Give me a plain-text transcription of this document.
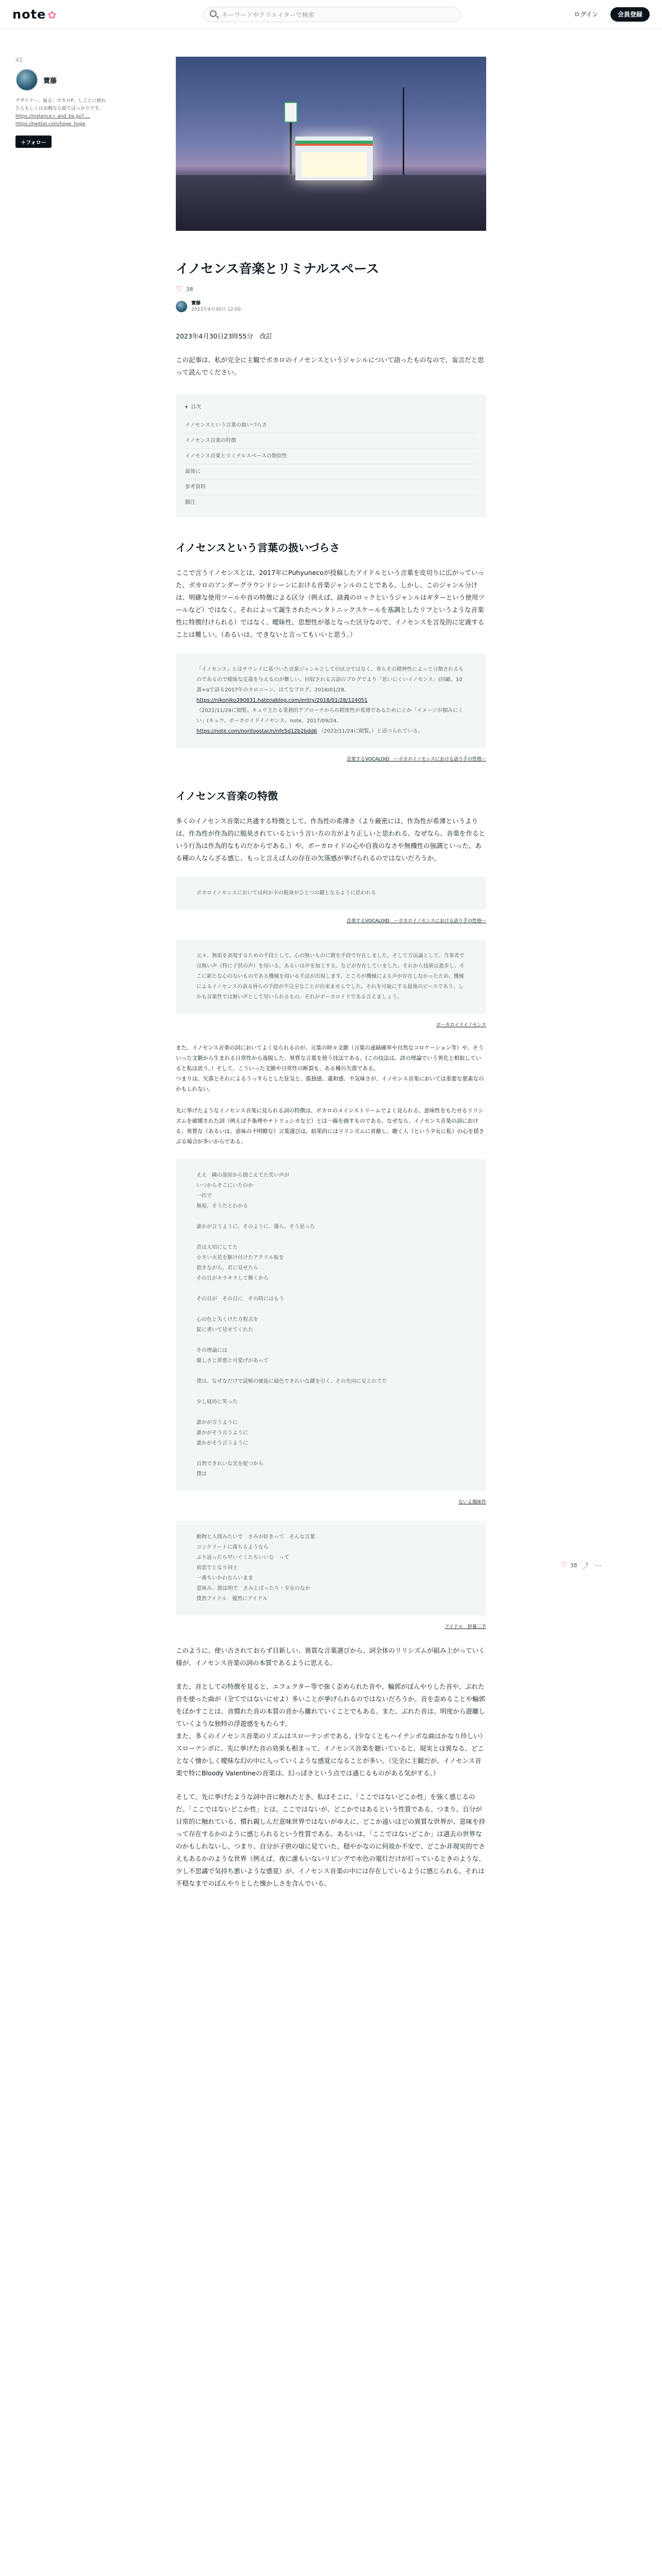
note ✿
キーワードやクリエイターで検索	ログイン	会員登録
41
寶藤
デザイナー。寝る、ボカロP。しごとに疲れたらもしくはお暇なら寝てばっかりです。
https://instance.r_and_be.jp/?....
https://twitter.com/hoge_hoge
＋フォロー
イノセンス音楽とリミナルスペース
♡ 38
寶藤
2023年4月30日 12:00

2023年4月30日23時55分　改訂

この記事は、私が完全に主観でボカロのイノセンスというジャンルについて語ったものなので、妄言だと思って読んでください。

▾ 目次
イノセンスという言葉の扱いづらさ
イノセンス音楽の特徴
イノセンス音楽とリミナルスペースの類似性
最後に
参考資料
脚注
イノセンスという言葉の扱いづらさ

ここで言うイノセンスとは、2017年にPuhyunecoが投稿したアイドルという言葉を皮切りに広がっていった、ボカロのアンダーグラウンドシーンにおける音楽ジャンルのことである。しかし、このジャンル分けは、明確な使用ツールや音の特徴による区分（例えば、談義のロックというジャンルはギターという使用ツールなど）ではなく、それによって誕生されたペンタトニックスケールを基調としたリフというような音楽性に特徴付けられる）ではなく、曖昧性、思想性が基となった区分なので、イノセンスを言及的に定義することは難しい。（あるいは、できないと言ってもいいと思う。）

「イノセンス」とはサウンドに基づいた音楽ジャンルとしての区分ではなく、専らその精神性によって分類されるものであるので曖昧な定義を与えるのが難しい。回収される言語のブログでより「思いにくいイノセンス」(回顧、10選+αで語る2017年のカロニーン、はてなブログ、2018/01/28、
https://nikoniko390831.hatenablog.com/entry/2018/01/28/124051
（2022/11/24に閲覧。キュウ主たる業務的アプローチからの精密性が希薄であるためにとか「イメージが掴みにくい」(キュウ、ボーカロイドイノセンス、note、2017/09/24、
https://note.com/noritoostar/n/nfe5d12b2bdd6 （2022/11/24に閲覧。）と述べられている。
音楽するVOCALOID　ーボカロイノセンスにおける語り手の性格ー
イノセンス音楽の特徴

多くのイノセンス音楽に共通する特徴として、作為性の希薄さ（より厳密には、作為性が希薄というよりは、作為性が作為的に脱臭されているという言い方の方がより正しいと思われる。なぜなら、音楽を作るという行為は作為的なものだからである。）や、ボーカロイドの心や自我のなさや無機性の強調といった、ある種の人ならざる感じ、もっと言えば人の存在の欠落感が挙げられるのではないだろうか。

ボカロイノセンスにおいては何か辛の脱身がひとつの鍵となるように思われる
音楽するVOCALOID　ーボカロイノセンスにおける語り手の性格ー
元々、無垢を表現するための手段として、心の無いものに歌を手段で存在しました。そして方法論として、当事者では無い声（特に子供の声）を用いる。あるいは声を加工する、などが存在していました。それから技術は進歩し、そこに新たな心のないものである機械を用いる手法が出現します。ところが機械による声が存在しなかったため、機械によるイノセンスの表る唇らの手段が不完全なことが出来ませんでした。それを可能にする最後のピースであり、しかも音楽性では無い声として用いられるもの、それがボーカロイドである言えましょう。
ボーカロイドイノセンス

また、イノセンス音楽の詞においてよく見られるのが、言葉の時々文脈（言葉の連絡確率や自然なコロケーション等）や、そういった文脈から生まれる日常性から逸脱した、異質な言葉を使う技法である。(この技法は、詩の理論でいう異化と相似していると私は思う。）そして、こういった文脈や日常性の断裂も、ある種の欠落である。

つまりは、欠落とそれによるうっすらとした狂気と、孤独感、違和感、不気味さが、イノセンス音楽においては重要な要素なのかもしれない。

先に挙げたようなイノセンス音楽に見られる詞の特徴は、ボカロのメインストリームでよく見られる、意味性をもたせるリリシズムを破壊された詞（例えば不条理やナトリュシカなど）とは一線を画すものである。なぜなら、イノセンス音楽の詞における、異質な（あるいは、意味の不明瞭な）言葉選びは、結果的にはリリシズムに貢献し、聴く人（という少女に私）の心を揺さぶる場合が多いからである。

ええ　隣の部屋から聞こえてた笑い声が
いつからそこにいたのか
一匹で
無垢。そうだとわかる
誰かが言うように、そのように、優ら。そう思った
昔は大切にしてた
小さい火花を駆け付けたアクリル板を
抱きながら、君に見せたら
その目がキラキラして輝くから
その目が　その目に　その時にはもう
心の色と失くけた方程式を
錠に書いて見せてくれた
その理論には
優しさと罪悪と可愛げがあって
僕は、なぜなだけで読解の硬能に縁色できれいな鍵を引く、その先向に見とれてた
少し寝坊に笑った
誰かが言うように
誰かがそう言うように
誰かがそう言うように
自然できれいな光を捉つから
僕は
ないよ風味作
動物と人間みたいで　さみが好きって　そんな言葉
コンクリートに落ちるようなら
ぶり返ったら早いぐくたちいいな　って
初恋でとなり同士
一番ちいかわならいまま
意味み、節法明で　さみとばったり・少女のなか
僕然アイドル　優然にアイドル
アイドル　紗幕三手

このように、使い古されておらず目新しい、異質な言葉選びから、詞全体のリリシズムが組み上がっていく様が、イノセンス音楽の詞の本質であるように思える。

また、音としての特徴を見ると、エフェクター等で強く歪められた音や、輪郭がぼんやりした音や、ぶれた音を使った曲が（全てではないにせよ）多いことが挙げられるのではないだろうか。音を歪めることや輪郭をぼかすことは、音慣れた音の本質の音から離れていくことでもある。また、ぶれた音は、明度から遊離していくような独特の浮遊感をもたらす。

また、多くのイノセンス音楽のリズムはスローテンポである。(少なくともハイテンポな曲はかなり珍しい）スローテンポに、先に挙げた音の効果も相まって、イノセンス音楽を聴いていると、現実とは異なる、どことなく懐かしく曖昧な幻の中に入っていくような感覚になることが多い。（完全に主観だが、イノセンス音楽で特にBloody Valentineの音楽は、幻っぽさという点では通じるものがある気がする。）

そして、先に挙げたような詞中音に触れたとき、私はそこに、「ここではないどこか性」を強く感じるのだ。「ここではないどこか性」とは、ここではないが、どこかではあるという性質である。つまり、自分が日常的に触れている、慣れ親しんだ意味世界ではないがゆえに、どこか遠いほどの異質な世界が、意味を持って存在するかのように感じられるという性質である。あるいは、「ここではないどこか」は過去の世界なのかもしれないし、つまり、自分が子供の頃に見ていた、穏やかなのに何故か不安で、どこか非現実的でさえもあるかのような世界（例えば、夜に誰もいないリビングで水色の電灯だけが灯っているときのような、少し不思議で気持ち悪いような感覚）が、イノセンス音楽の中には存在しているように感じられる。それは不穏なまでのぼんやりとした懐かしさを含んでいる。

♡ 38 ⤴ ···
